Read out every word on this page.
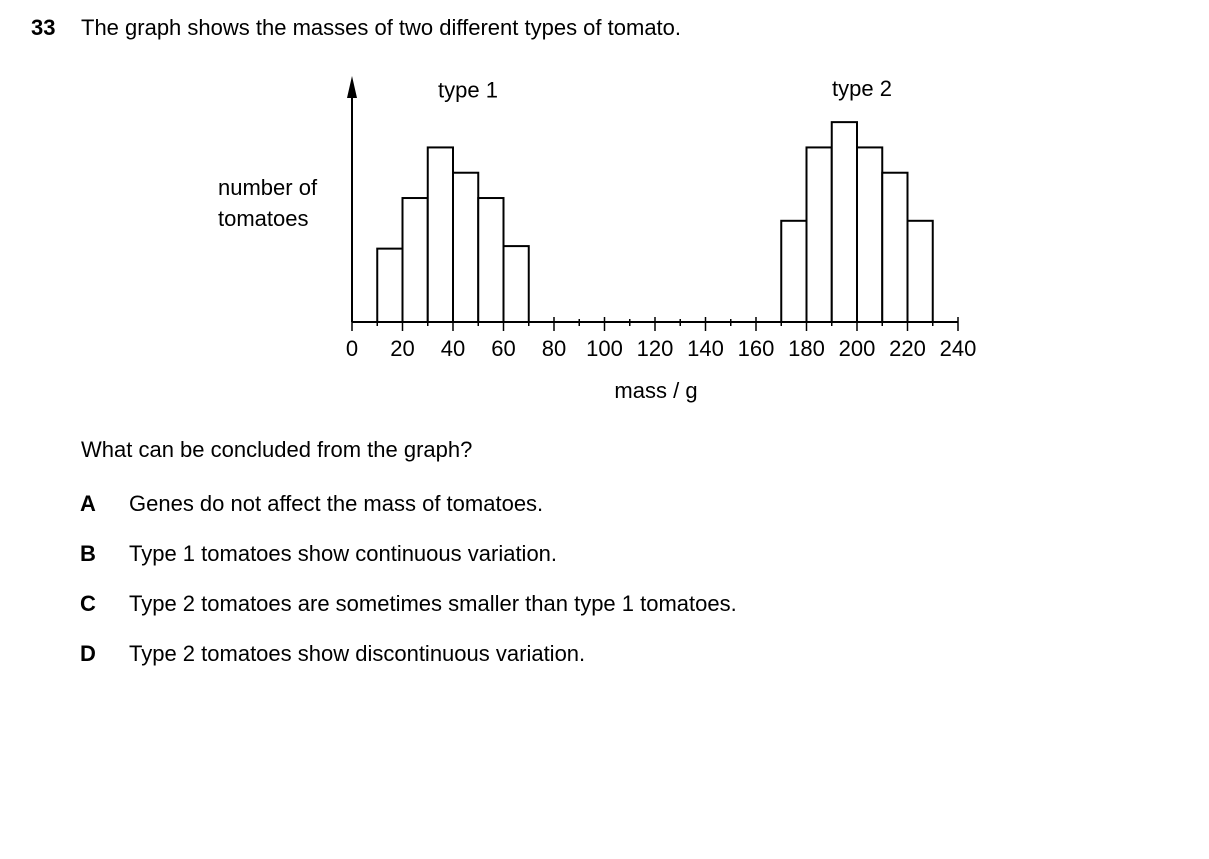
33 The graph shows the masses of two different types of tomato.
type 1	type 2
0 20 40 60 80 100 120 140 160 180 200 220 240
mass / g
number of
tomatoes
What can be concluded from the graph?
A Genes do not affect the mass of tomatoes.
B Type 1 tomatoes show continuous variation.
C Type 2 tomatoes are sometimes smaller than type 1 tomatoes.
D Type 2 tomatoes show discontinuous variation.
